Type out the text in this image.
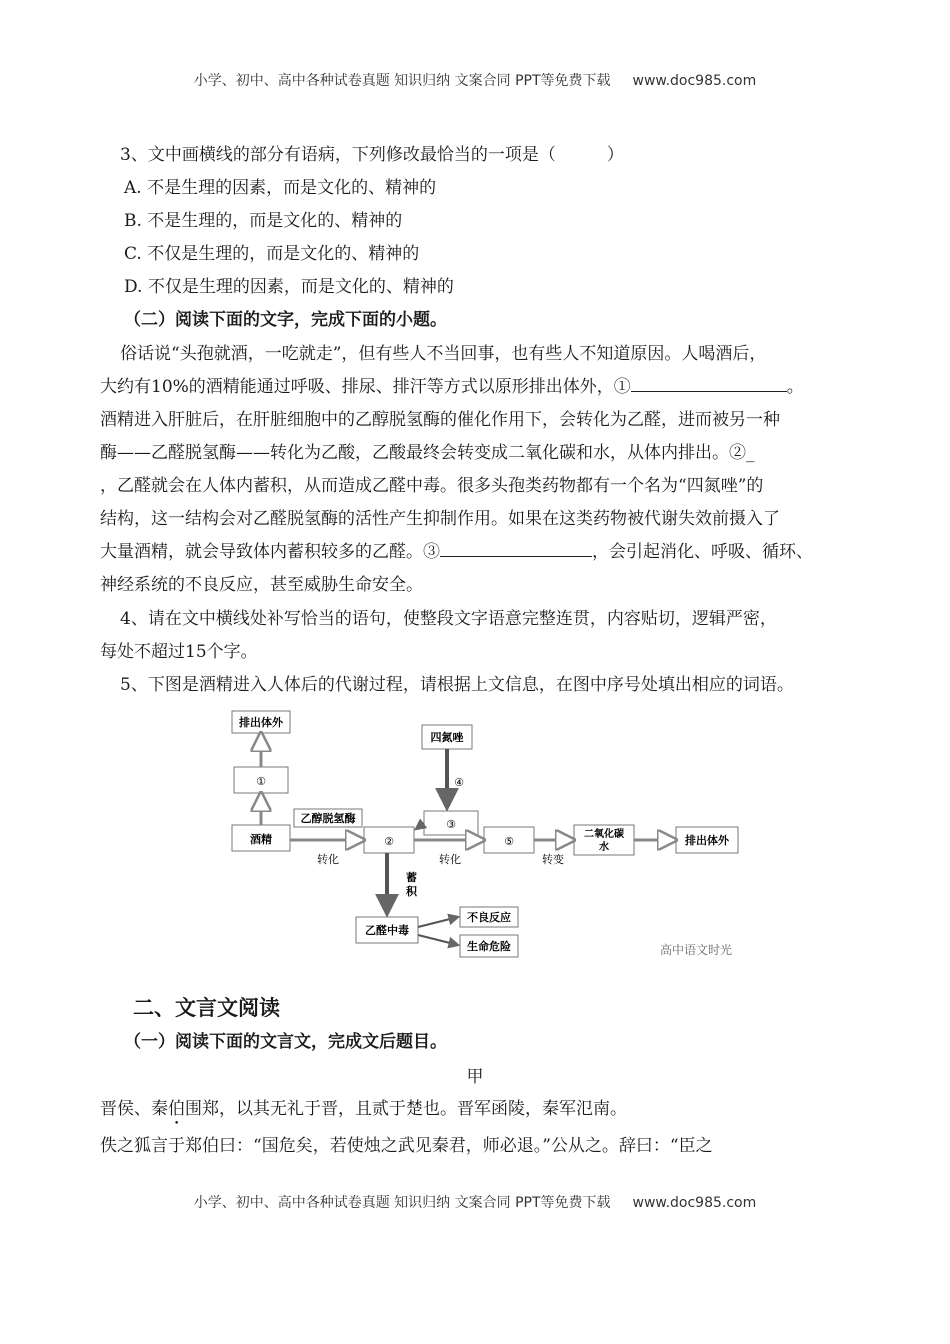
小学、初中、高中各种试卷真题 知识归纳 文案合同 PPT等免费下载 www.doc985.com
3、文中画横线的部分有语病，下列修改最恰当的一项是（　　　）
A. 不是生理的因素，而是文化的、精神的
B. 不是生理的，而是文化的、精神的
C. 不仅是生理的，而是文化的、精神的
D. 不仅是生理的因素，而是文化的、精神的
（二）阅读下面的文字，完成下面的小题。
俗话说“头孢就酒，一吃就走”，但有些人不当回事，也有些人不知道原因。人喝酒后，
大约有10%的酒精能通过呼吸、排尿、排汗等方式以原形排出体外，①	。
酒精进入肝脏后，在肝脏细胞中的乙醇脱氢酶的催化作用下，会转化为乙醛，进而被另一种
酶——乙醛脱氢酶——转化为乙酸，乙酸最终会转变成二氧化碳和水，从体内排出。②_
，乙醛就会在人体内蓄积，从而造成乙醛中毒。很多头孢类药物都有一个名为“四氮唑”的
结构，这一结构会对乙醛脱氢酶的活性产生抑制作用。如果在这类药物被代谢失效前摄入了
大量酒精，就会导致体内蓄积较多的乙醛。③	，会引起消化、呼吸、循环、
神经系统的不良反应，甚至威胁生命安全。
4、请在文中横线处补写恰当的语句，使整段文字语意完整连贯，内容贴切，逻辑严密，
每处不超过15个字。
5、下图是酒精进入人体后的代谢过程，请根据上文信息，在图中序号处填出相应的词语。
排出体外
①
酒精
乙醇脱氢酶
转化
②
四氮唑
④
③
转化
⑤
转变
二氧化碳
水
排出体外
蓄
积
乙醛中毒
不良反应
生命危险	高中语文时光
二、文言文阅读
（一）阅读下面的文言文，完成文后题目。
甲
晋侯、秦伯围郑，以其无礼于晋，且贰于楚也。晋军函陵，秦军氾南。
佚之狐言于郑伯曰：“国危矣，若使烛之武见秦君，师必退。”公从之。辞曰：“臣之
小学、初中、高中各种试卷真题 知识归纳 文案合同 PPT等免费下载 www.doc985.com
